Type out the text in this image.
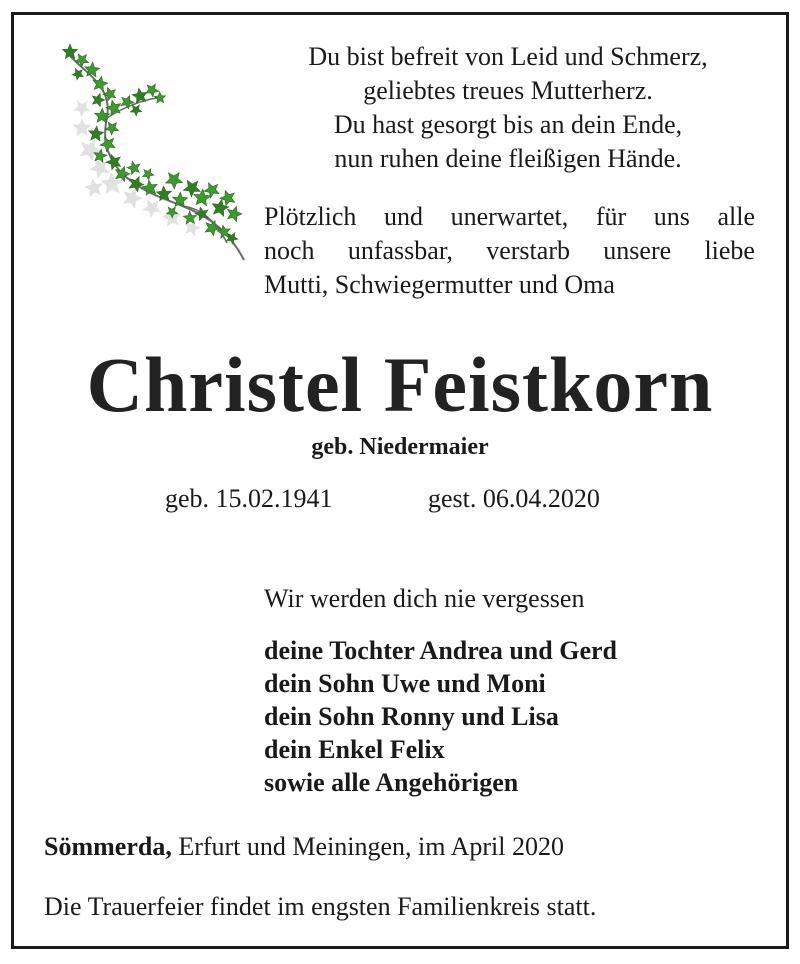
Du bist befreit von Leid und Schmerz,
geliebtes treues Mutterherz.
Du hast gesorgt bis an dein Ende,
nun ruhen deine fleißigen Hände.
Plötzlich und unerwartet, für uns alle
noch unfassbar, verstarb unsere liebe
Mutti, Schwiegermutter und Oma
Christel Feistkorn
geb. Niedermaier
geb. 15.02.1941	gest. 06.04.2020
Wir werden dich nie vergessen
deine Tochter Andrea und Gerd
dein Sohn Uwe und Moni
dein Sohn Ronny und Lisa
dein Enkel Felix
sowie alle Angehörigen
Sömmerda, Erfurt und Meiningen, im April 2020
Die Trauerfeier findet im engsten Familienkreis statt.
